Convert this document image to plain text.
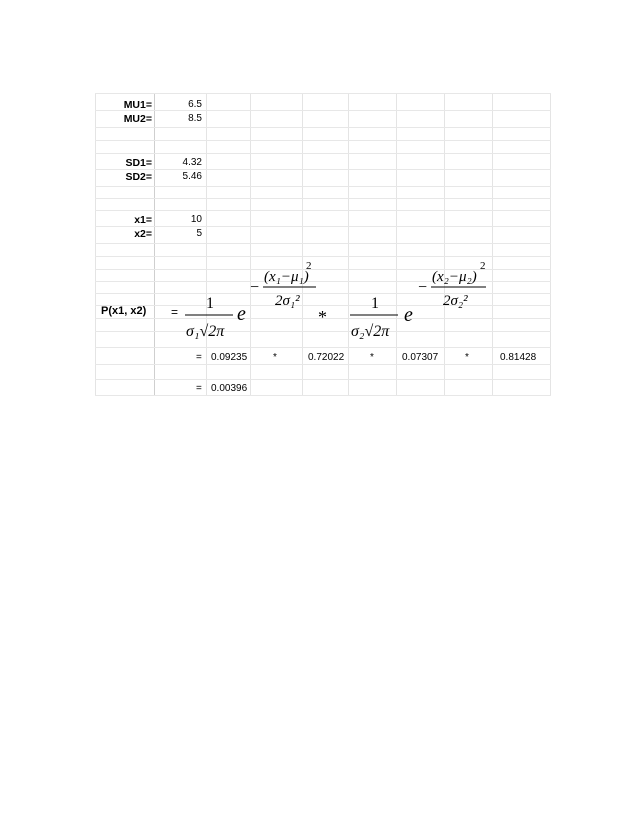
MU1=	6.5
MU2=	8.5
SD1=	4.32
SD2=	5.46
x1=	10
x2=	5
P(x1, x2) = 1
σ₁√2π
e
−
(x₁−μ₁)
2
2σ₁²
*
1
σ₂√2π
e
−
(x₂−μ₂)
2
2σ₂²
= 0.09235	*	0.72022	*	0.07307	*	0.81428
= 0.00396
